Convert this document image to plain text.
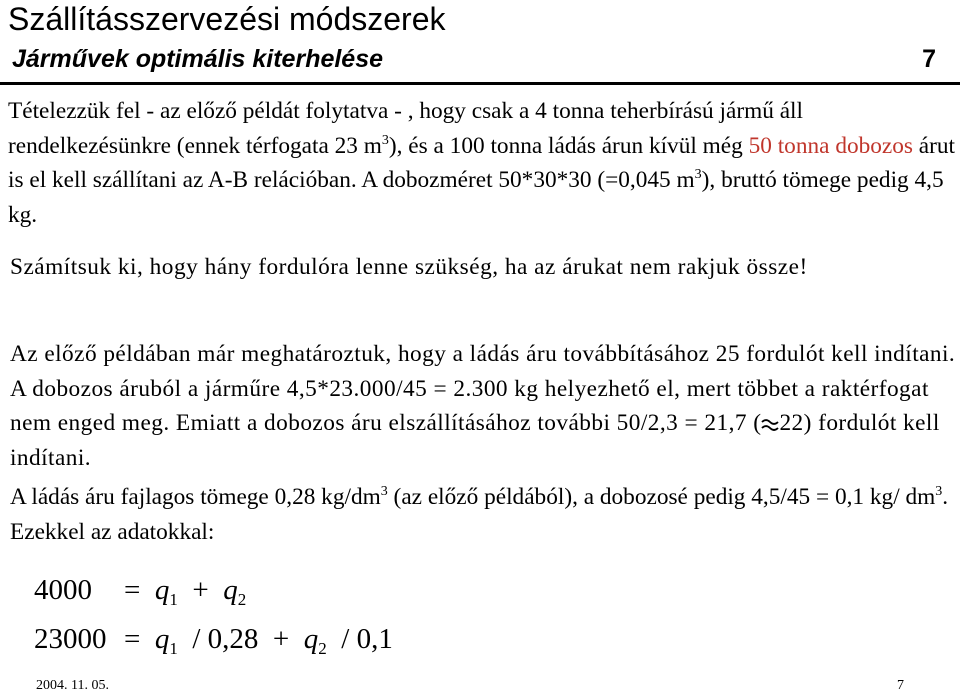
Szállításszervezési módszerek
Járművek optimális kiterhelése	7

Tételezzük fel - az előző példát folytatva - , hogy csak a 4 tonna teherbírású jármű áll rendelkezésünkre (ennek térfogata 23 $m^3$), és a 100 tonna ládás árun kívül még 50 tonna dobozos árut is el kell szállítani az A-B relációban. A dobozméret 50*30*30 (=0,045 $m^3$), bruttó tömege pedig 4,5 kg.

Számítsuk ki, hogy hány fordulóra lenne szükség, ha az árukat nem rakjuk össze!

Az előző példában már meghatároztuk, hogy a ládás áru továbbításához 25 fordulót kell indítani. A dobozos áruból a járműre 4,5*23.000/45 = 2.300 kg helyezhető el, mert többet a raktérfogat nem enged meg. Emiatt a dobozos áru elszállításához további 50/2,3 = 21,7 ( 22) fordulót kell indítani.

A ládás áru fajlagos tömege 0,28 $kg/dm^3$ (az előző példából), a dobozosé pedig 4,5/45 = 0,1 kg/ $dm^3$. Ezekkel az adatokkal:

$4000 = q_1 + q_2$
$23000 = q_1 / 0,28 + q_2 / 0,1$
2004. 11. 05.	7
